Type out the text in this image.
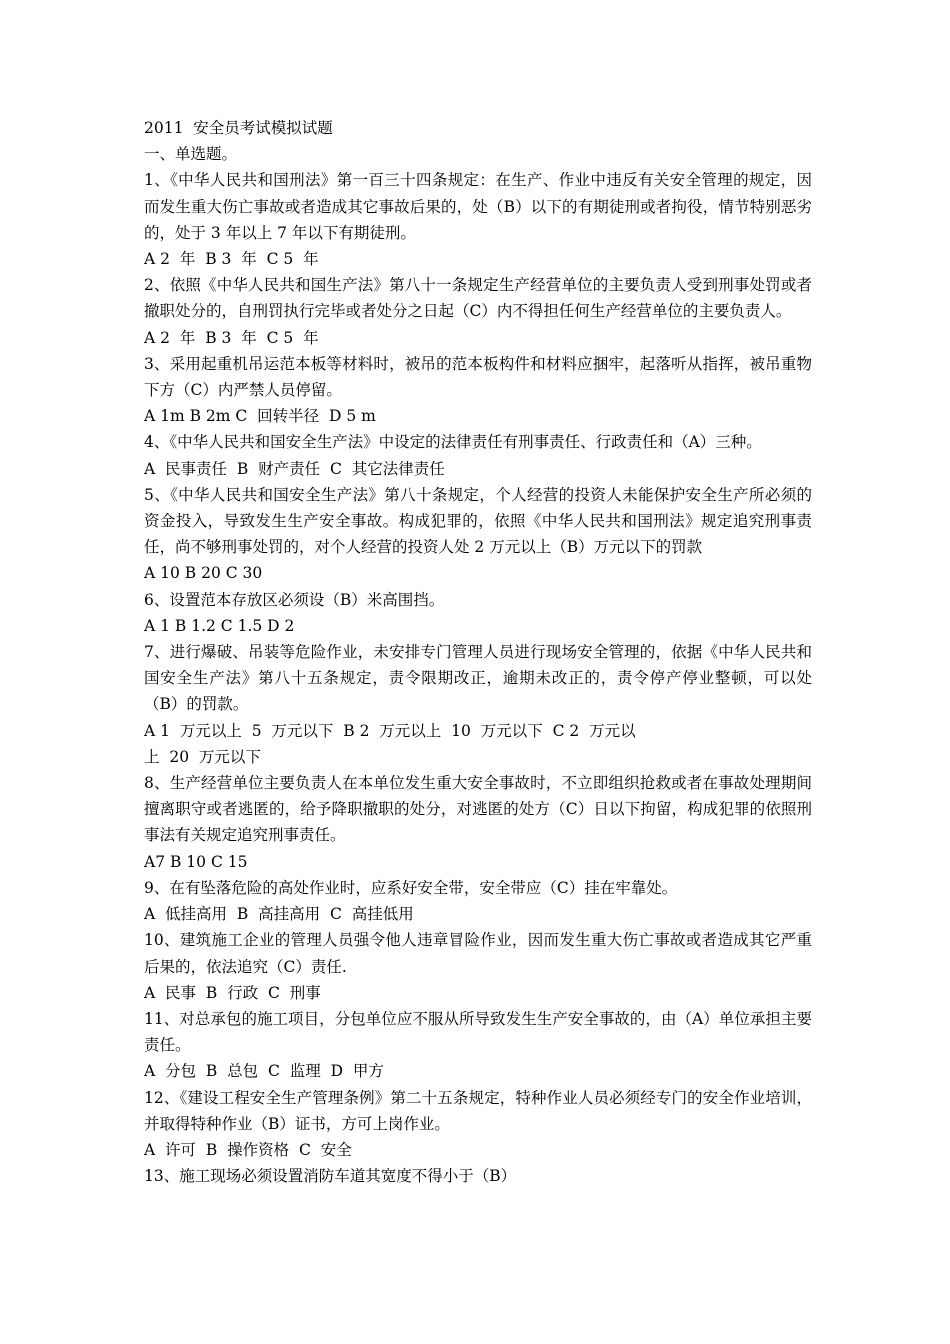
2011  安全员考试模拟试题

一、单选题。

1、《中华人民共和国刑法》第一百三十四条规定：在生产、作业中违反有关安全管理的规定，因而发生重大伤亡事故或者造成其它事故后果的，处（B）以下的有期徒刑或者拘役，情节特别恶劣的，处于 3 年以上 7 年以下有期徒刑。

A 2  年  B 3  年  C 5  年

2、依照《中华人民共和国生产法》第八十一条规定生产经营单位的主要负责人受到刑事处罚或者撤职处分的，自刑罚执行完毕或者处分之日起（C）内不得担任何生产经营单位的主要负责人。

A 2  年  B 3  年  C 5  年

3、采用起重机吊运范本板等材料时，被吊的范本板构件和材料应捆牢，起落听从指挥，被吊重物下方（C）内严禁人员停留。

A 1m B 2m C  回转半径  D 5 m

4、《中华人民共和国安全生产法》中设定的法律责任有刑事责任、行政责任和（A）三种。

A  民事责任  B  财产责任  C  其它法律责任

5、《中华人民共和国安全生产法》第八十条规定，个人经营的投资人未能保护安全生产所必须的资金投入，导致发生生产安全事故。构成犯罪的，依照《中华人民共和国刑法》规定追究刑事责任，尚不够刑事处罚的，对个人经营的投资人处 2 万元以上（B）万元以下的罚款

A 10 B 20 C 30

6、设置范本存放区必须设（B）米高围挡。

A 1 B 1.2 C 1.5 D 2

7、进行爆破、吊装等危险作业，未安排专门管理人员进行现场安全管理的，依据《中华人民共和国安全生产法》第八十五条规定，责令限期改正，逾期未改正的，责令停产停业整顿，可以处（B）的罚款。

A 1  万元以上  5  万元以下  B 2  万元以上  10  万元以下  C 2  万元以

上  20  万元以下

8、生产经营单位主要负责人在本单位发生重大安全事故时，不立即组织抢救或者在事故处理期间擅离职守或者逃匿的，给予降职撤职的处分，对逃匿的处方（C）日以下拘留，构成犯罪的依照刑事法有关规定追究刑事责任。

A7 B 10 C 15

9、在有坠落危险的高处作业时，应系好安全带，安全带应（C）挂在牢靠处。

A  低挂高用  B  高挂高用  C  高挂低用

10、建筑施工企业的管理人员强令他人违章冒险作业，因而发生重大伤亡事故或者造成其它严重后果的，依法追究（C）责任.

A  民事  B  行政  C  刑事

11、对总承包的施工项目，分包单位应不服从所导致发生生产安全事故的，由（A）单位承担主要责任。

A  分包  B  总包  C  监理  D  甲方

12、《建设工程安全生产管理条例》第二十五条规定，特种作业人员必须经专门的安全作业培训，并取得特种作业（B）证书，方可上岗作业。

A  许可  B  操作资格  C  安全

13、施工现场必须设置消防车道其宽度不得小于（B）
